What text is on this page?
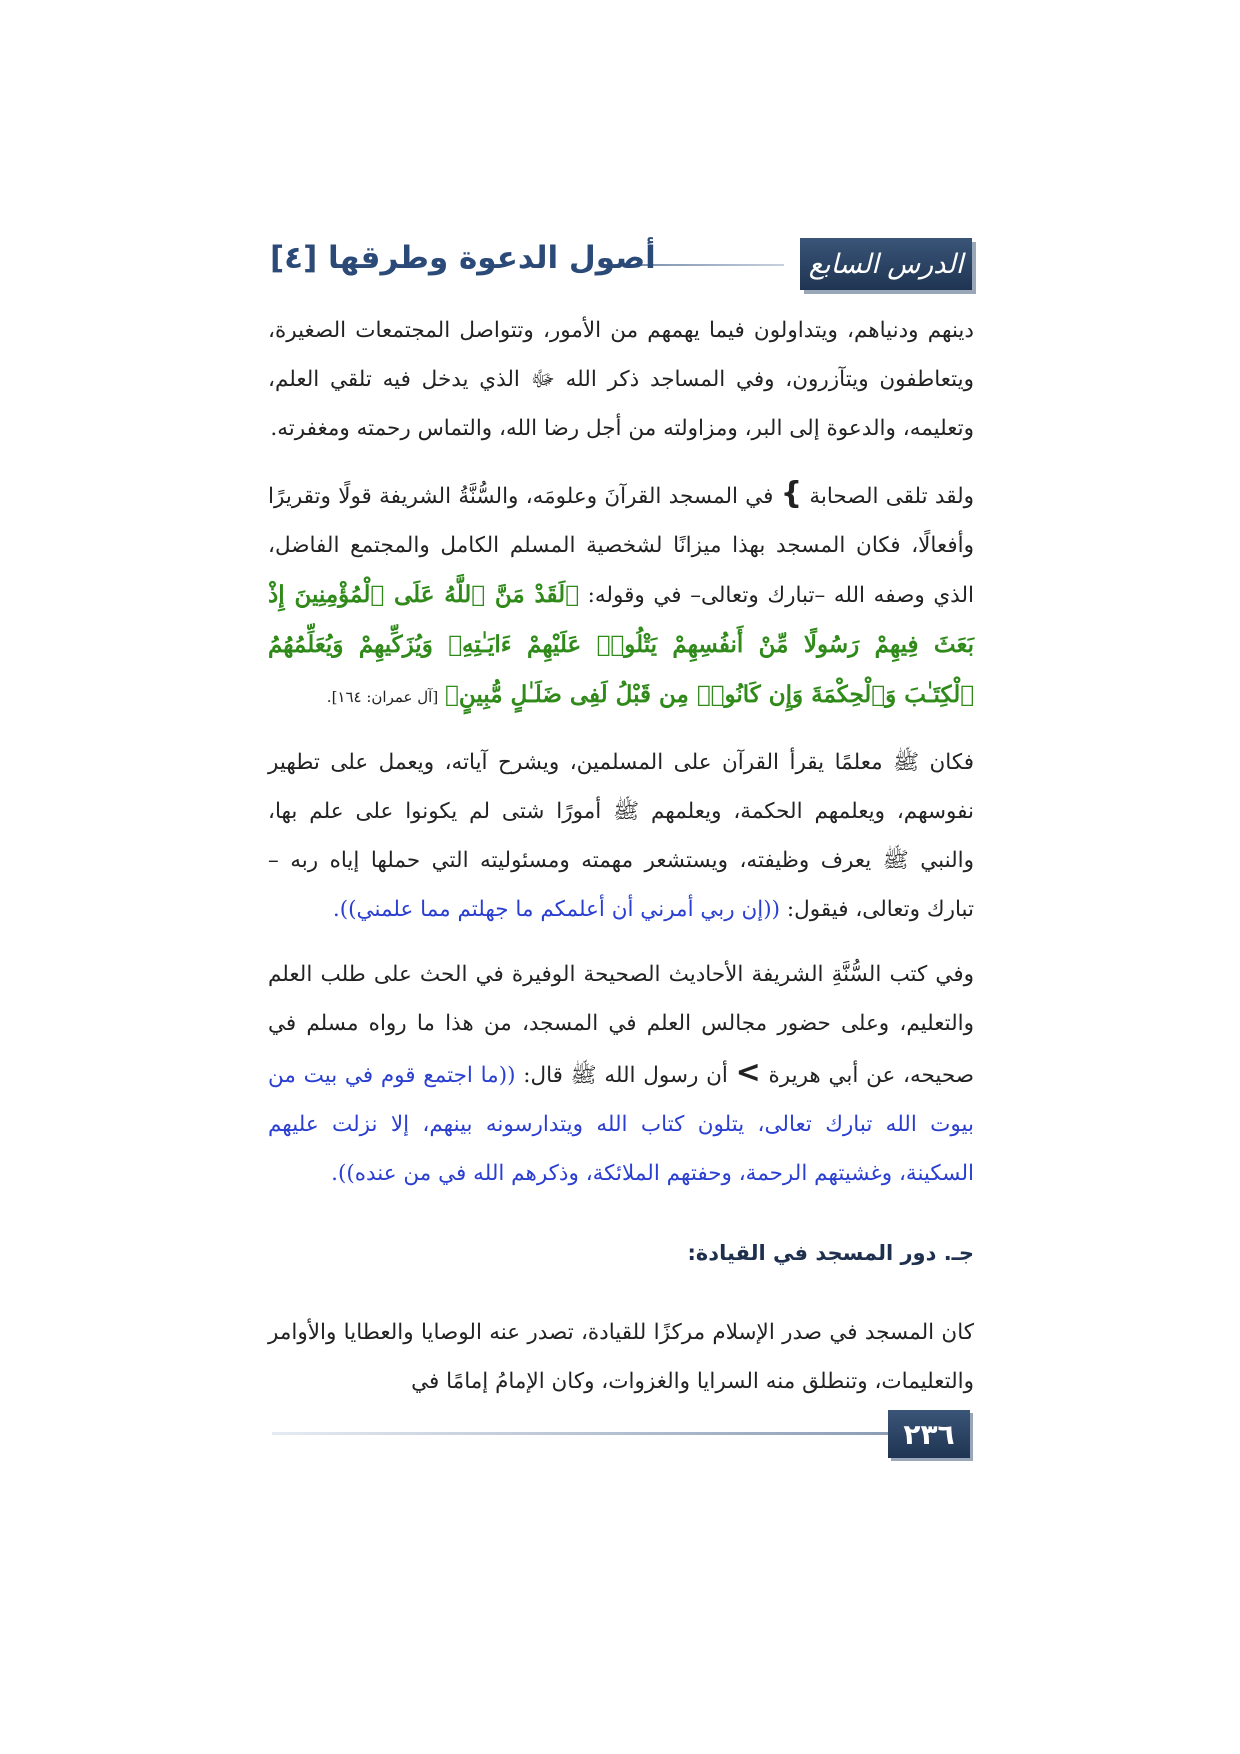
الدرس السابع
أصول الدعوة وطرقها [٤]

دينهم ودنياهم، ويتداولون فيما يهمهم من الأمور، وتتواصل المجتمعات الصغيرة، ويتعاطفون ويتآزرون، وفي المساجد ذكر الله ﷻ الذي يدخل فيه تلقي العلم، وتعليمه، والدعوة إلى البر، ومزاولته من أجل رضا الله، والتماس رحمته ومغفرته.

ولقد تلقى الصحابة } في المسجد القرآنَ وعلومَه، والسُّنَّةُ الشريفة قولًا وتقريرًا وأفعالًا، فكان المسجد بهذا ميزانًا لشخصية المسلم الكامل والمجتمع الفاضل، الذي وصفه الله –تبارك وتعالى– في وقوله: ﴿لَقَدْ مَنَّ ٱللَّهُ عَلَى ٱلْمُؤْمِنِينَ إِذْ بَعَثَ فِيهِمْ رَسُولًا مِّنْ أَنفُسِهِمْ يَتْلُوا۟ عَلَيْهِمْ ءَايَـٰتِهِۦ وَيُزَكِّيهِمْ وَيُعَلِّمُهُمُ ٱلْكِتَـٰبَ وَٱلْحِكْمَةَ وَإِن كَانُوا۟ مِن قَبْلُ لَفِى ضَلَـٰلٍ مُّبِينٍ﴾ [آل عمران: ١٦٤].

فكان ﷺ معلمًا يقرأ القرآن على المسلمين، ويشرح آياته، ويعمل على تطهير نفوسهم، ويعلمهم الحكمة، ويعلمهم ﷺ أمورًا شتى لم يكونوا على علم بها، والنبي ﷺ يعرف وظيفته، ويستشعر مهمته ومسئوليته التي حملها إياه ربه – تبارك وتعالى، فيقول: ((إن ربي أمرني أن أعلمكم ما جهلتم مما علمني)).

وفي كتب السُّنَّةِ الشريفة الأحاديث الصحيحة الوفيرة في الحث على طلب العلم والتعليم، وعلى حضور مجالس العلم في المسجد، من هذا ما رواه مسلم في صحيحه، عن أبي هريرة > أن رسول الله ﷺ قال: ((ما اجتمع قوم في بيت من بيوت الله تبارك تعالى، يتلون كتاب الله ويتدارسونه بينهم، إلا نزلت عليهم السكينة، وغشيتهم الرحمة، وحفتهم الملائكة، وذكرهم الله في من عنده)).

جـ. دور المسجد في القيادة:

كان المسجد في صدر الإسلام مركزًا للقيادة، تصدر عنه الوصايا والعطايا والأوامر والتعليمات، وتنطلق منه السرايا والغزوات، وكان الإمامُ إمامًا في

٢٣٦
